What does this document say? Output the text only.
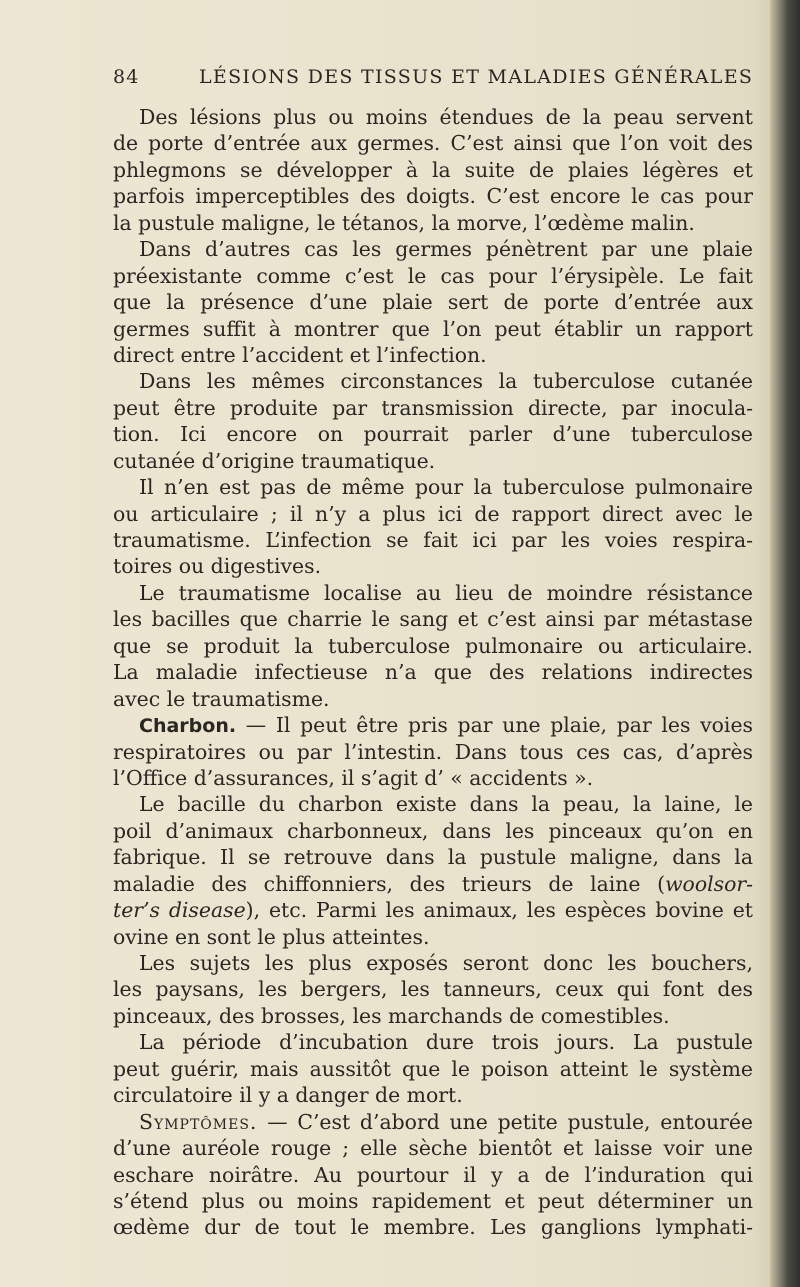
84	LÉSIONS DES TISSUS ET MALADIES GÉNÉRALES
Des lésions plus ou moins étendues de la peau servent
de porte d’entrée aux germes. C’est ainsi que l’on voit des
phlegmons se développer à la suite de plaies légères et
parfois imperceptibles des doigts. C’est encore le cas pour
la pustule maligne, le tétanos, la morve, l’œdème malin.
Dans d’autres cas les germes pénètrent par une plaie
préexistante comme c’est le cas pour l’érysipèle. Le fait
que la présence d’une plaie sert de porte d’entrée aux
germes suffit à montrer que l’on peut établir un rapport
direct entre l’accident et l’infection.
Dans les mêmes circonstances la tuberculose cutanée
peut être produite par transmission directe, par inocula-
tion. Ici encore on pourrait parler d’une tuberculose
cutanée d’origine traumatique.
Il n’en est pas de même pour la tuberculose pulmonaire
ou articulaire ; il n’y a plus ici de rapport direct avec le
traumatisme. L’infection se fait ici par les voies respira-
toires ou digestives.
Le traumatisme localise au lieu de moindre résistance
les bacilles que charrie le sang et c’est ainsi par métastase
que se produit la tuberculose pulmonaire ou articulaire.
La maladie infectieuse n’a que des relations indirectes
avec le traumatisme.
Charbon. — Il peut être pris par une plaie, par les voies
respiratoires ou par l’intestin. Dans tous ces cas, d’après
l’Office d’assurances, il s’agit d’ « accidents ».
Le bacille du charbon existe dans la peau, la laine, le
poil d’animaux charbonneux, dans les pinceaux qu’on en
fabrique. Il se retrouve dans la pustule maligne, dans la
maladie des chiffonniers, des trieurs de laine (woolsor-
ter’s disease), etc. Parmi les animaux, les espèces bovine et
ovine en sont le plus atteintes.
Les sujets les plus exposés seront donc les bouchers,
les paysans, les bergers, les tanneurs, ceux qui font des
pinceaux, des brosses, les marchands de comestibles.
La période d’incubation dure trois jours. La pustule
peut guérir, mais aussitôt que le poison atteint le système
circulatoire il y a danger de mort.
Symptômes. — C’est d’abord une petite pustule, entourée
d’une auréole rouge ; elle sèche bientôt et laisse voir une
eschare noirâtre. Au pourtour il y a de l’induration qui
s’étend plus ou moins rapidement et peut déterminer un
œdème dur de tout le membre. Les ganglions lymphati-
